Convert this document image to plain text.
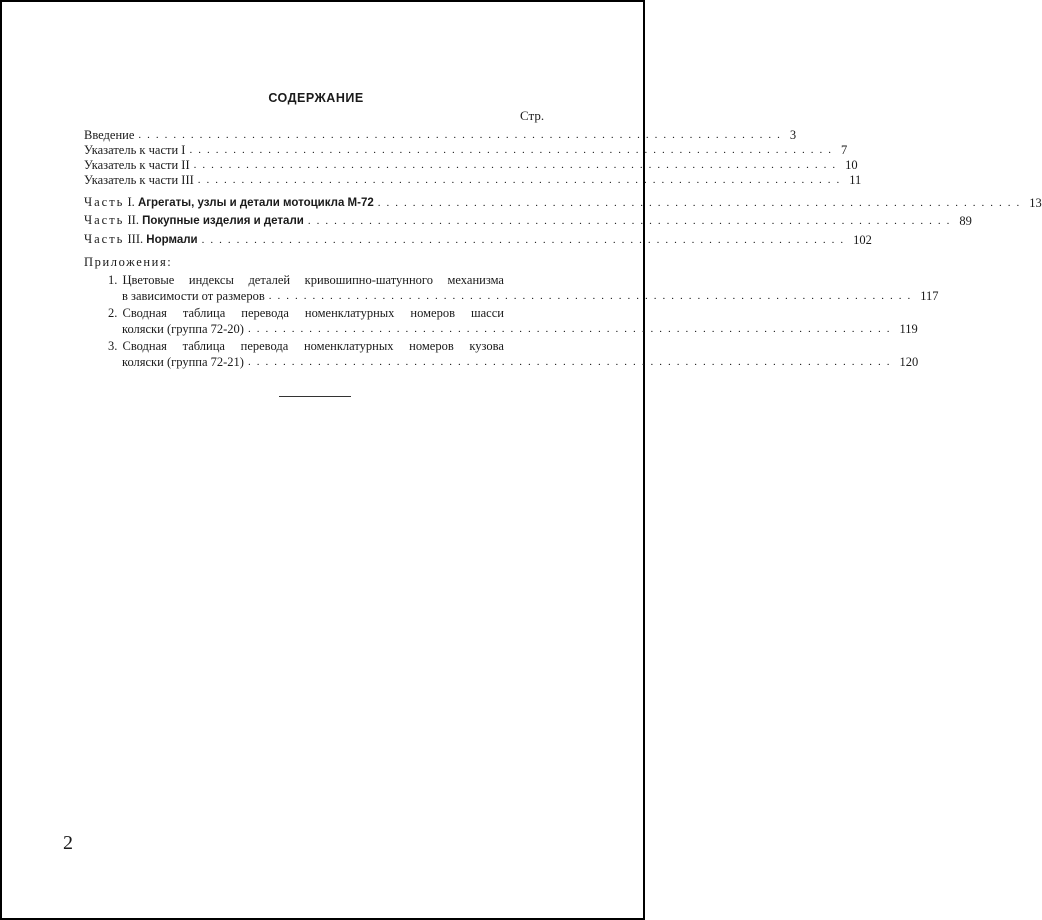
СОДЕРЖАНИЕ
Стр.
Введение .......................................................................... 3
Указатель к части I .......................................................................... 7
Указатель к части II .......................................................................... 10
Указатель к части III .......................................................................... 11
Часть I. Агрегаты, узлы и детали мотоцикла М-72 .......................................................................... 13
Часть II. Покупные изделия и детали .......................................................................... 89
Часть III. Нормали .......................................................................... 102
Приложения:
1. Цветовые индексы деталей кривошипно-шатунного механизма
в зависимости от размеров .......................................................................... 117
2. Сводная таблица перевода номенклатурных номеров шасси
коляски (группа 72-20) .......................................................................... 119
3. Сводная таблица перевода номенклатурных номеров кузова
коляски (группа 72-21) .......................................................................... 120
2
